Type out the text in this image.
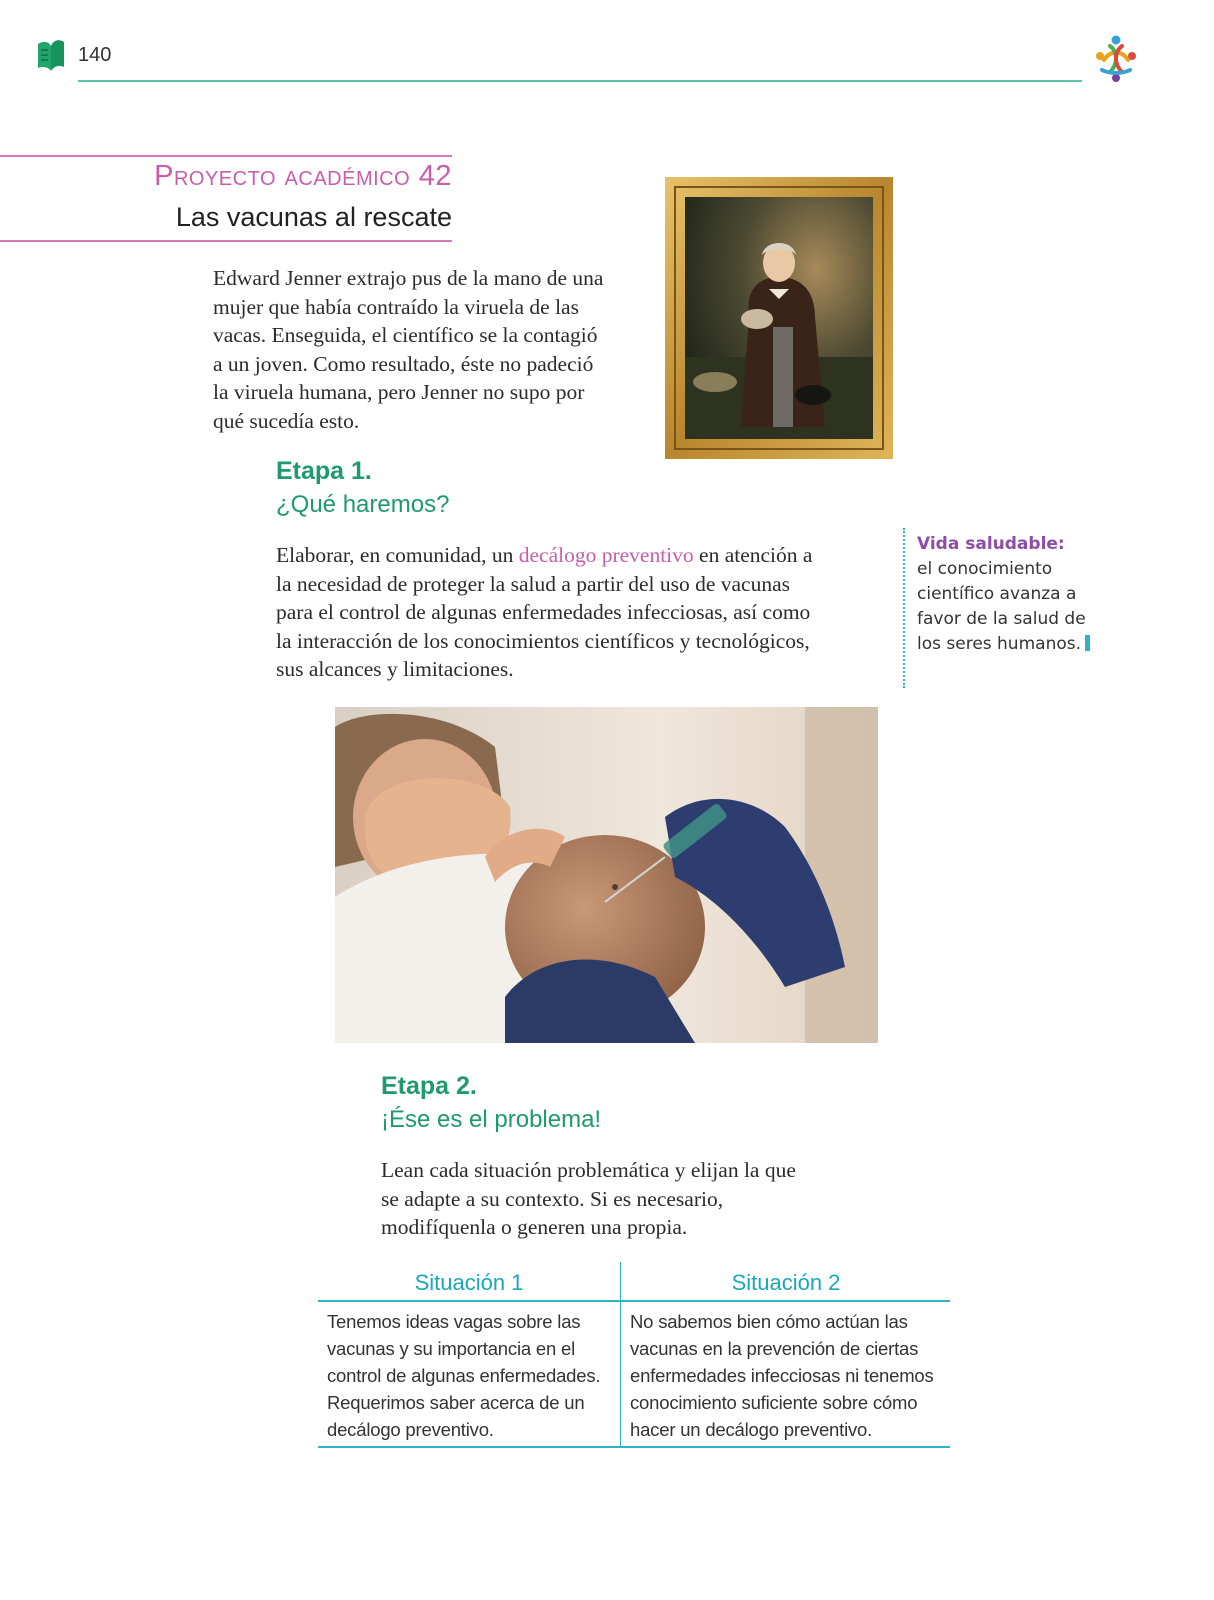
140
Proyecto académico 42
Las vacunas al rescate
Edward Jenner extrajo pus de la mano de una mujer que había contraído la viruela de las vacas. Enseguida, el científico se la contagió a un joven. Como resultado, éste no padeció la viruela humana, pero Jenner no supo por qué sucedía esto.
Etapa 1.
¿Qué haremos?
Elaborar, en comunidad, un decálogo preventivo en atención a la necesidad de proteger la salud a partir del uso de vacunas para el control de algunas enfermedades infecciosas, así como la interacción de los conocimientos científicos y tecnológicos, sus alcances y limitaciones.
Vida saludable:
el conocimiento científico avanza a favor de la salud de los seres humanos.
Etapa 2.
¡Ése es el problema!
Lean cada situación problemática y elijan la que se adapte a su contexto. Si es necesario, modifíquenla o generen una propia.
Situación 1	Situación 2
Tenemos ideas vagas sobre las vacunas y su importancia en el control de algunas enfermedades. Requerimos saber acerca de un decálogo preventivo.
No sabemos bien cómo actúan las vacunas en la prevención de ciertas enfermedades infecciosas ni tenemos conocimiento suficiente sobre cómo hacer un decálogo preventivo.
